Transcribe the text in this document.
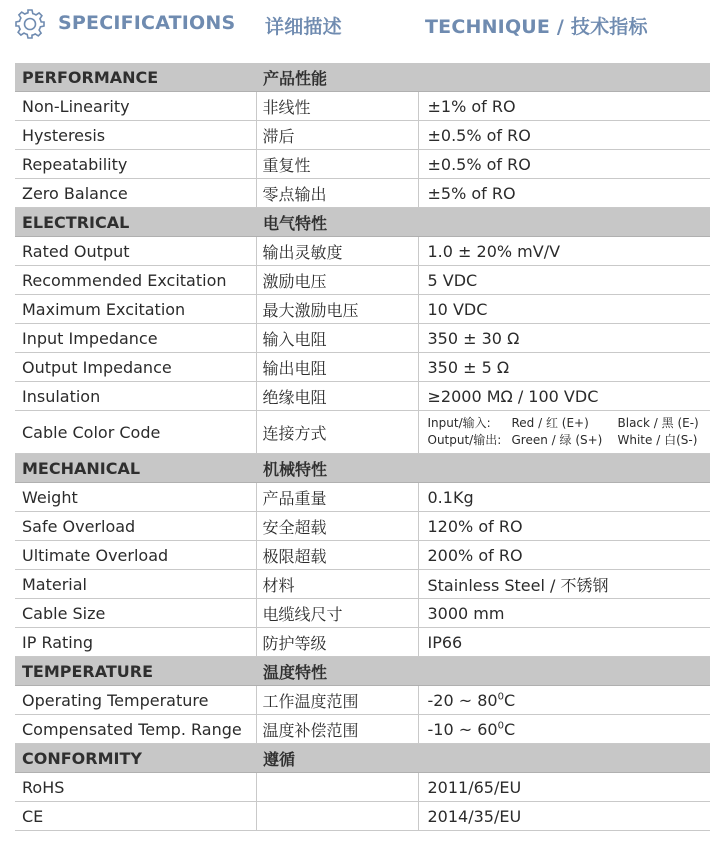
SPECIFICATIONS 详细描述	TECHNIQUE / 技术指标
PERFORMANCE	产品性能	
Non-Linearity	非线性	±1% of RO
Hysteresis	滞后	±0.5% of RO
Repeatability	重复性	±0.5% of RO
Zero Balance	零点输出	±5% of RO
ELECTRICAL	电气特性	
Rated Output	输出灵敏度	1.0 ± 20% mV/V
Recommended Excitation	激励电压	5 VDC
Maximum Excitation	最大激励电压	10 VDC
Input Impedance	输入电阻	350 ± 30 Ω
Output Impedance	输出电阻	350 ± 5 Ω
Insulation	绝缘电阻	≥2000 MΩ / 100 VDC
Cable Color Code	连接方式	Input/输入: Red / 红 (E+) Black / 黑 (E-)
Output/输出: Green / 绿 (S+) White / 白(S-)

MECHANICAL	机械特性	
Weight	产品重量	0.1Kg
Safe Overload	安全超载	120% of RO
Ultimate Overload	极限超载	200% of RO
Material	材料	Stainless Steel / 不锈钢
Cable Size	电缆线尺寸	3000 mm
IP Rating	防护等级	IP66
TEMPERATURE	温度特性	
Operating Temperature	工作温度范围	-20 ~ $80^0C$
Compensated Temp. Range	温度补偿范围	-10 ~ $60^0C$
CONFORMITY	遵循	
RoHS		2011/65/EU
CE		2014/35/EU
